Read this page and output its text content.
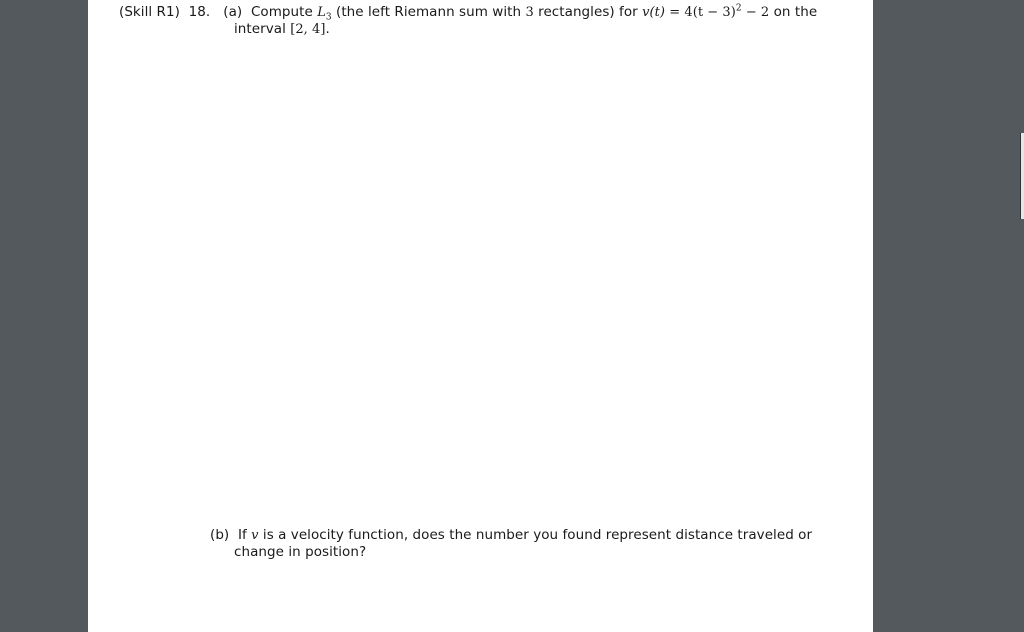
(Skill R1) 18. (a) Compute $L_3$ (the left Riemann sum with 3 rectangles) for $v(t) = 4(t - 3)^2 - 2$ on the
interval [2, 4].
(b) If v is a velocity function, does the number you found represent distance traveled or
change in position?
